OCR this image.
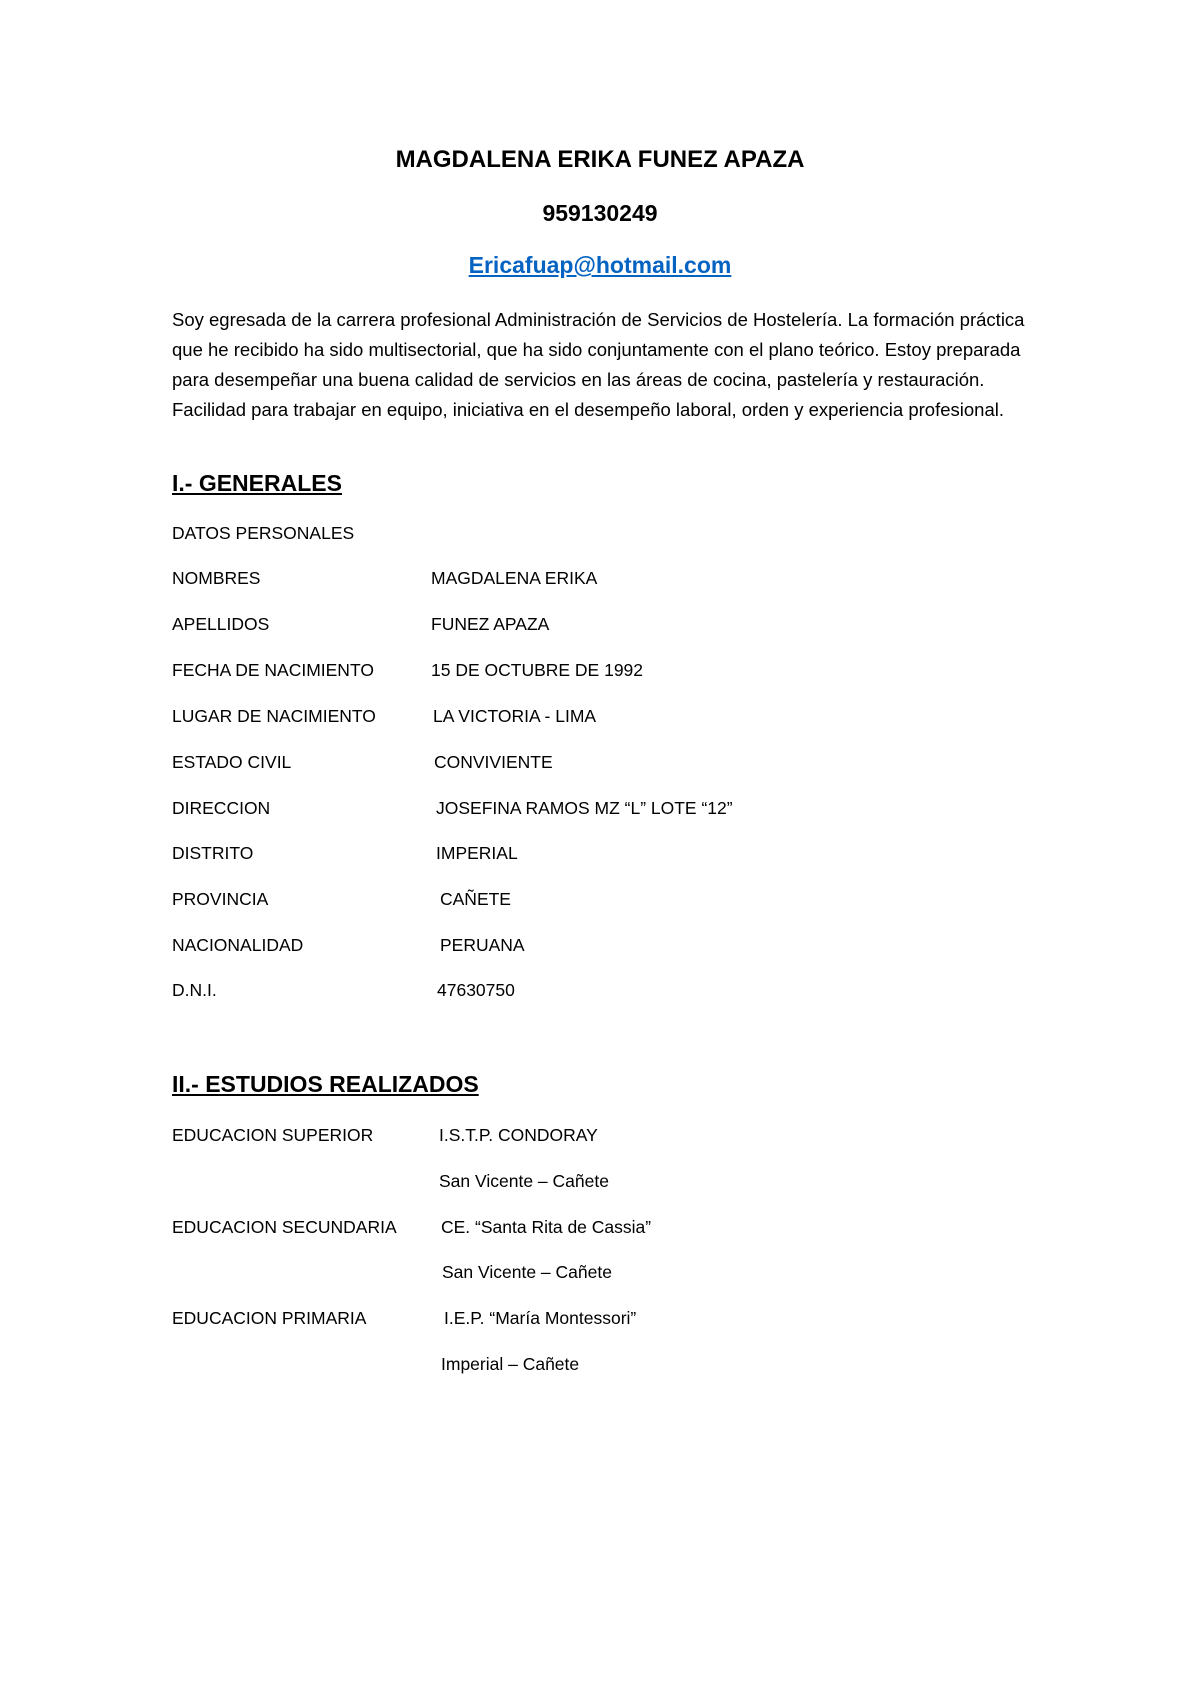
MAGDALENA ERIKA FUNEZ APAZA
959130249
Ericafuap@hotmail.com
Soy egresada de la carrera profesional Administración de Servicios de Hostelería. La formación práctica que he recibido ha sido multisectorial, que ha sido conjuntamente con el plano teórico. Estoy preparada para desempeñar una buena calidad de servicios en las áreas de cocina, pastelería y restauración. Facilidad para trabajar en equipo, iniciativa en el desempeño laboral, orden y experiencia profesional.
I.- GENERALES
DATOS PERSONALES
NOMBRES	MAGDALENA ERIKA
APELLIDOS	FUNEZ APAZA
FECHA DE NACIMIENTO	15 DE OCTUBRE DE 1992
LUGAR DE NACIMIENTO	LA VICTORIA - LIMA
ESTADO CIVIL	CONVIVIENTE
DIRECCION	JOSEFINA RAMOS MZ “L” LOTE “12”
DISTRITO	IMPERIAL
PROVINCIA	CAÑETE
NACIONALIDAD	PERUANA
D.N.I.	47630750
II.- ESTUDIOS REALIZADOS
EDUCACION SUPERIOR	I.S.T.P. CONDORAY
San Vicente – Cañete
EDUCACION SECUNDARIA	CE. “Santa Rita de Cassia”
San Vicente – Cañete
EDUCACION PRIMARIA	I.E.P. “María Montessori”
Imperial – Cañete
